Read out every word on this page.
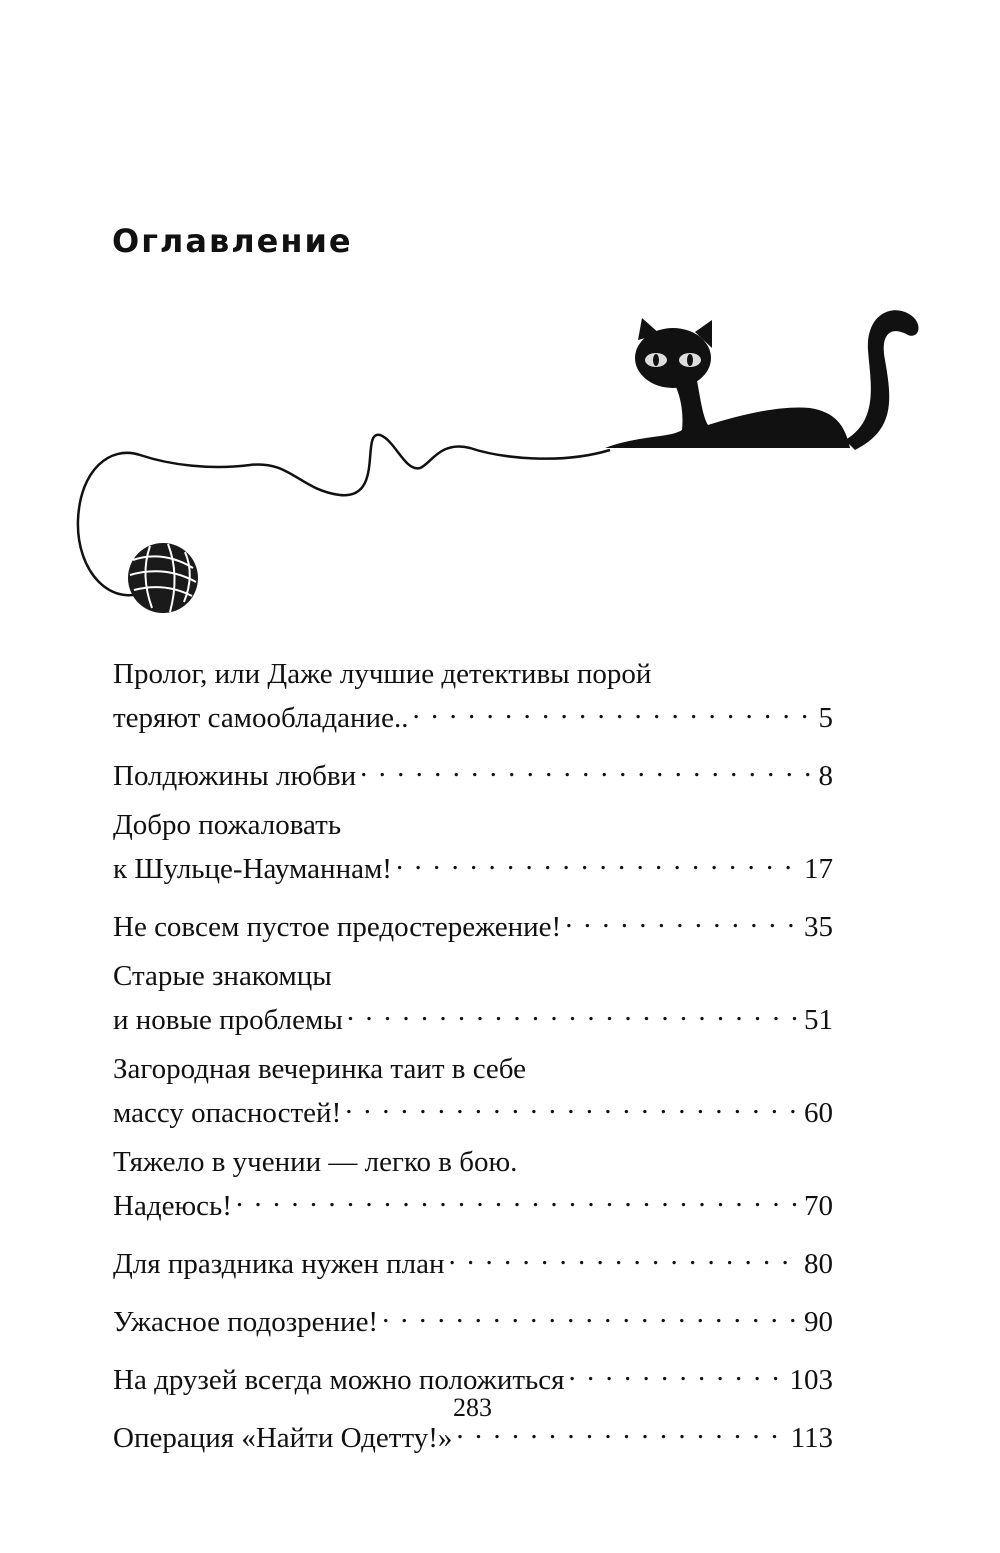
Оглавление
Пролог, или Даже лучшие детективы порой
теряют самообладание.. . . .	5
Полдюжины любви . . .	8
Добро пожаловать
к Шульце-Науманнам! . . .	17
Не совсем пустое предостережение! . . .	35
Старые знакомцы
и новые проблемы . . .	51
Загородная вечеринка таит в себе
массу опасностей! . . .	60
Тяжело в учении — легко в бою.
Надеюсь! . . .	70
Для праздника нужен план . . .	80
Ужасное подозрение! . . .	90
На друзей всегда можно положиться . . .	103
Операция «Найти Одетту!» . . .	113
283
